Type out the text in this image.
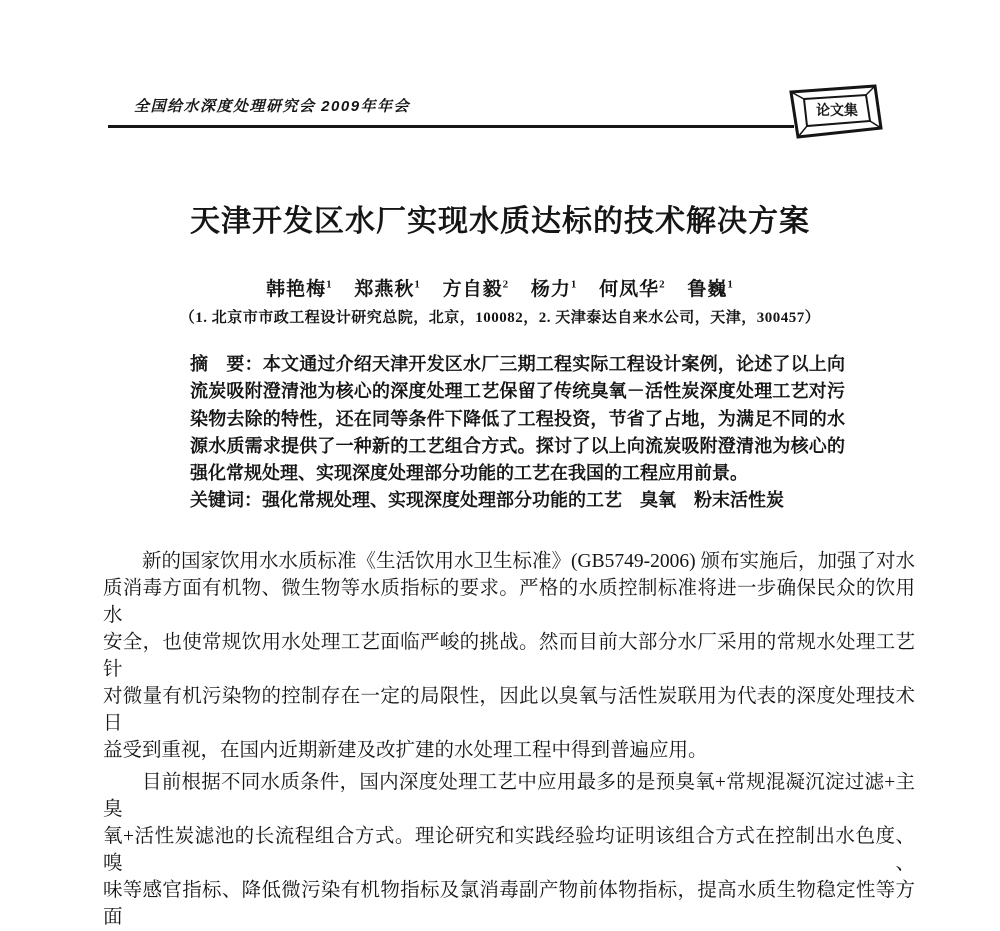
全国给水深度处理研究会 2009年年会	论文集
天津开发区水厂实现水质达标的技术解决方案
韩艳梅$^1$ 郑燕秋$^1$ 方自毅$^2$ 杨力$^1$ 何凤华$^2$ 鲁巍$^1$
（1. 北京市市政工程设计研究总院，北京，100082，2. 天津泰达自来水公司，天津，300457）
摘　要：本文通过介绍天津开发区水厂三期工程实际工程设计案例，论述了以上向
流炭吸附澄清池为核心的深度处理工艺保留了传统臭氧－活性炭深度处理工艺对污
染物去除的特性，还在同等条件下降低了工程投资，节省了占地，为满足不同的水
源水质需求提供了一种新的工艺组合方式。探讨了以上向流炭吸附澄清池为核心的
强化常规处理、实现深度处理部分功能的工艺在我国的工程应用前景。
关键词：强化常规处理、实现深度处理部分功能的工艺　臭氧　粉末活性炭
新的国家饮用水水质标准《生活饮用水卫生标准》(GB5749-2006) 颁布实施后，加强了对水
质消毒方面有机物、微生物等水质指标的要求。严格的水质控制标准将进一步确保民众的饮用水
安全，也使常规饮用水处理工艺面临严峻的挑战。然而目前大部分水厂采用的常规水处理工艺针
对微量有机污染物的控制存在一定的局限性，因此以臭氧与活性炭联用为代表的深度处理技术日
益受到重视，在国内近期新建及改扩建的水处理工程中得到普遍应用。
目前根据不同水质条件，国内深度处理工艺中应用最多的是预臭氧+常规混凝沉淀过滤+主臭
氧+活性炭滤池的长流程组合方式。理论研究和实践经验均证明该组合方式在控制出水色度、嗅、
味等感官指标、降低微污染有机物指标及氯消毒副产物前体物指标，提高水质生物稳定性等方面
